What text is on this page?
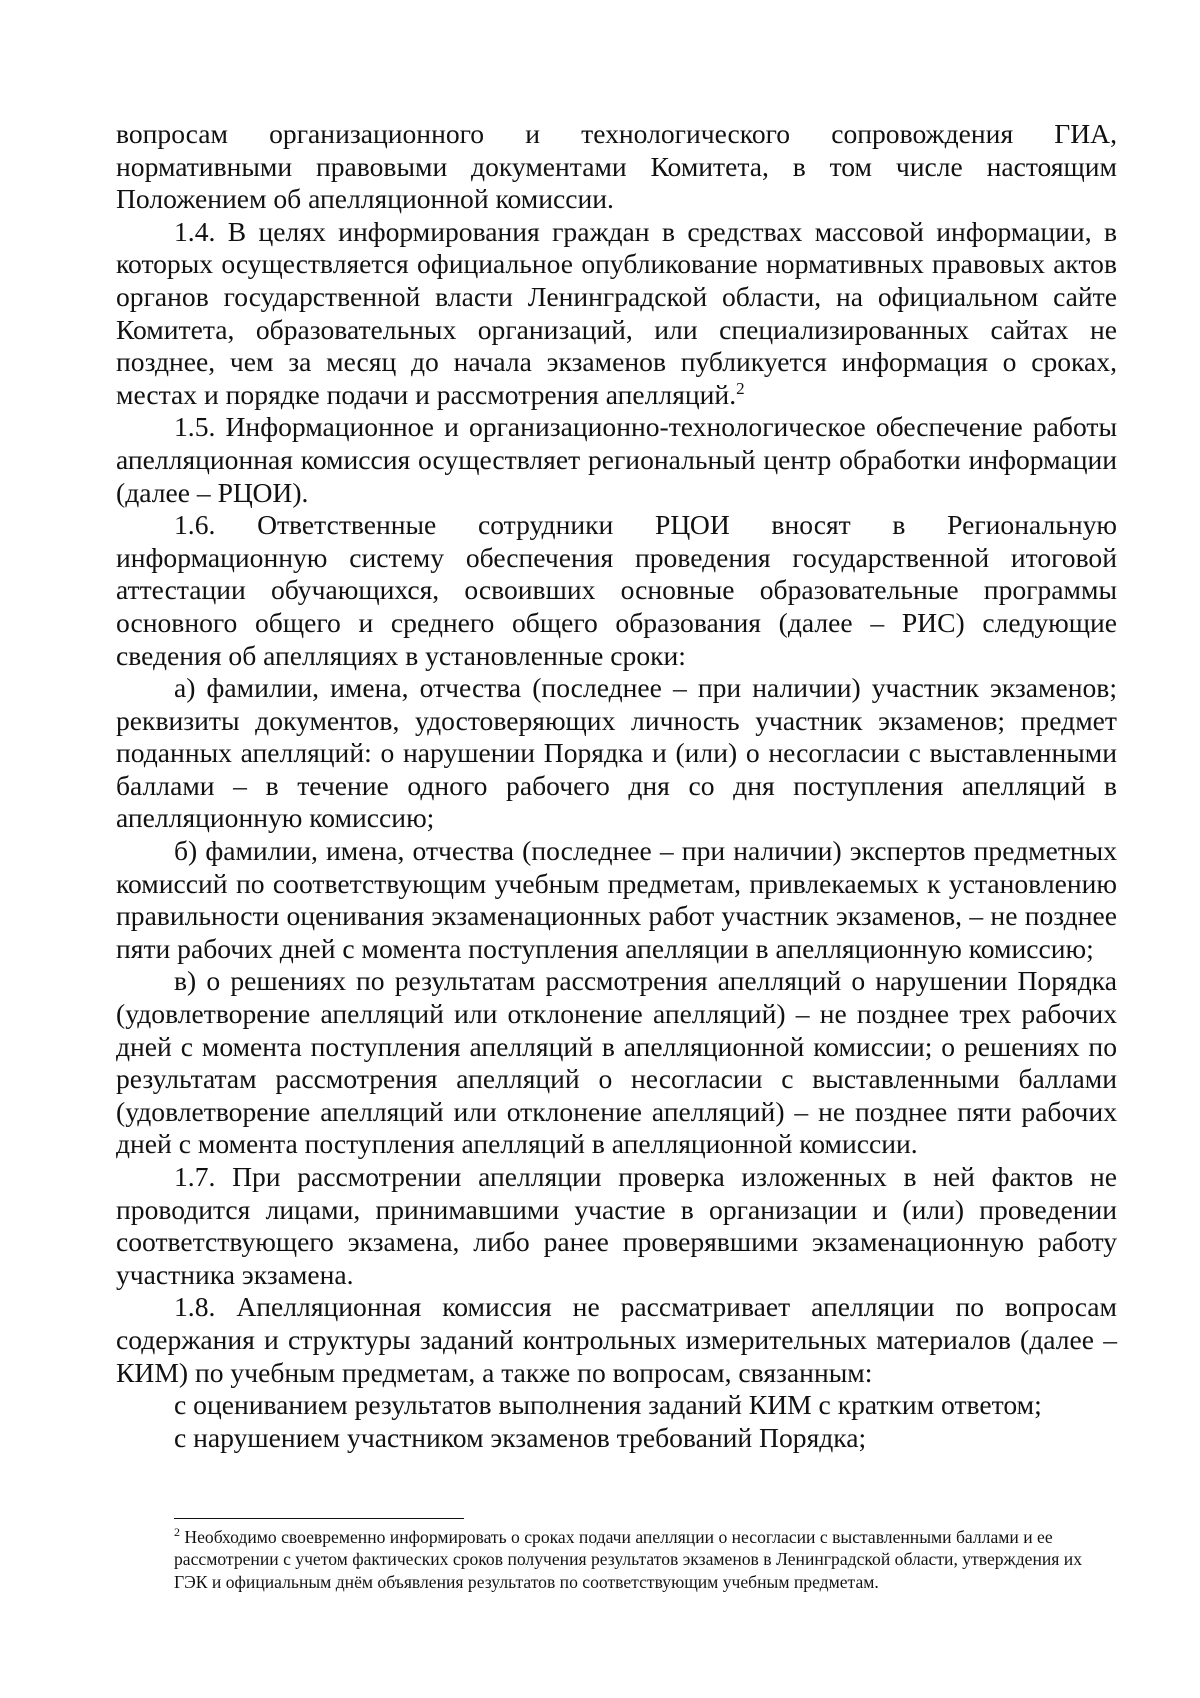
вопросам организационного и технологического сопровождения ГИА, нормативными правовыми документами Комитета, в том числе настоящим Положением об апелляционной комиссии.

1.4. В целях информирования граждан в средствах массовой информации, в которых осуществляется официальное опубликование нормативных правовых актов органов государственной власти Ленинградской области, на официальном сайте Комитета, образовательных организаций, или специализированных сайтах не позднее, чем за месяц до начала экзаменов публикуется информация о сроках, местах и порядке подачи и рассмотрения апелляций.$^2$

1.5. Информационное и организационно-технологическое обеспечение работы апелляционная комиссия осуществляет региональный центр обработки информации (далее – РЦОИ).

1.6. Ответственные сотрудники РЦОИ вносят в Региональную информационную систему обеспечения проведения государственной итоговой аттестации обучающихся, освоивших основные образовательные программы основного общего и среднего общего образования (далее – РИС) следующие сведения об апелляциях в установленные сроки:

а) фамилии, имена, отчества (последнее – при наличии) участник экзаменов; реквизиты документов, удостоверяющих личность участник экзаменов; предмет поданных апелляций: о нарушении Порядка и (или) о несогласии с выставленными баллами – в течение одного рабочего дня со дня поступления апелляций в апелляционную комиссию;

б) фамилии, имена, отчества (последнее – при наличии) экспертов предметных комиссий по соответствующим учебным предметам, привлекаемых к установлению правильности оценивания экзаменационных работ участник экзаменов, – не позднее пяти рабочих дней с момента поступления апелляции в апелляционную комиссию;

в) о решениях по результатам рассмотрения апелляций о нарушении Порядка (удовлетворение апелляций или отклонение апелляций) – не позднее трех рабочих дней с момента поступления апелляций в апелляционной комиссии; о решениях по результатам рассмотрения апелляций о несогласии с выставленными баллами (удовлетворение апелляций или отклонение апелляций) – не позднее пяти рабочих дней с момента поступления апелляций в апелляционной комиссии.

1.7. При рассмотрении апелляции проверка изложенных в ней фактов не проводится лицами, принимавшими участие в организации и (или) проведении соответствующего экзамена, либо ранее проверявшими экзаменационную работу участника экзамена.

1.8. Апелляционная комиссия не рассматривает апелляции по вопросам содержания и структуры заданий контрольных измерительных материалов (далее – КИМ) по учебным предметам, а также по вопросам, связанным:

с оцениванием результатов выполнения заданий КИМ с кратким ответом;

с нарушением участником экзаменов требований Порядка;

$^2$ Необходимо своевременно информировать о сроках подачи апелляции о несогласии с выставленными баллами и ее рассмотрении с учетом фактических сроков получения результатов экзаменов в Ленинградской области, утверждения их ГЭК и официальным днём объявления результатов по соответствующим учебным предметам.
